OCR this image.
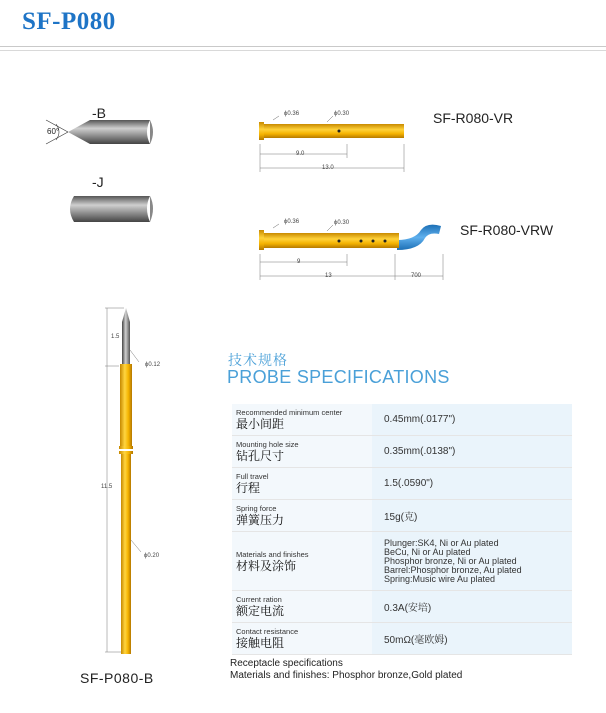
SF-P080
-B
60°
-J
ϕ0.36	ϕ0.30
9.0
13.0
SF-R080-VR
ϕ0.36	ϕ0.30
9
13	700
SF-R080-VRW
1.5
ϕ0.12
11.5
ϕ0.20
SF-P080-B
技术规格
PROBE SPECIFICATIONS
Recommended minimum center
最小间距	0.45mm(.0177")
Mounting hole size
钻孔尺寸	0.35mm(.0138")
Full travel
行程	1.5(.0590")
Spring force
弹簧压力	15g(克)
Materials and finishes
材料及涂饰
Plunger:SK4, Ni or Au plated
BeCu, Ni or Au plated
Phosphor bronze, Ni or Au plated
Barrel:Phosphor bronze, Au plated
Spring:Music wire Au plated
Current ration
额定电流	0.3A(安培)
Contact resistance
接触电阻	50mΩ(毫欧姆)
Receptacle specifications
Materials and finishes: Phosphor bronze,Gold plated
